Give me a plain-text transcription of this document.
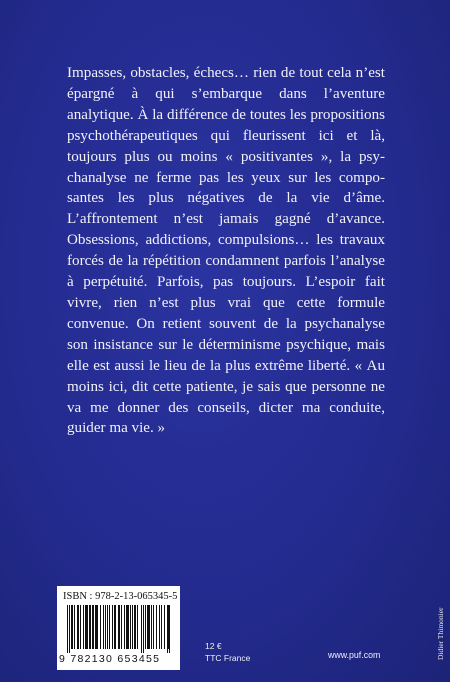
Impasses, obstacles, échecs… rien de tout cela n’est épargné à qui s’embarque dans l’aventure analytique. À la différence de toutes les propositions psychothérapeutiques qui fleurissent ici et là, toujours plus ou moins « positivantes », la psychanalyse ne ferme pas les yeux sur les composantes les plus négatives de la vie d’âme. L’affrontement n’est jamais gagné d’avance. Obsessions, addictions, compulsions… les travaux forcés de la répétition condamnent parfois l’analyse à perpétuité. Parfois, pas toujours. L’espoir fait vivre, rien n’est plus vrai que cette formule convenue. On retient souvent de la psychanalyse son insistance sur le déterminisme psychique, mais elle est aussi le lieu de la plus extrême liberté. « Au moins ici, dit cette patiente, je sais que personne ne va me donner des conseils, dicter ma conduite, guider ma vie. »

ISBN : 978-2-13-065345-5
9 782130 653455
12 €
TTC France	www.puf.com	Didier Thimonier
